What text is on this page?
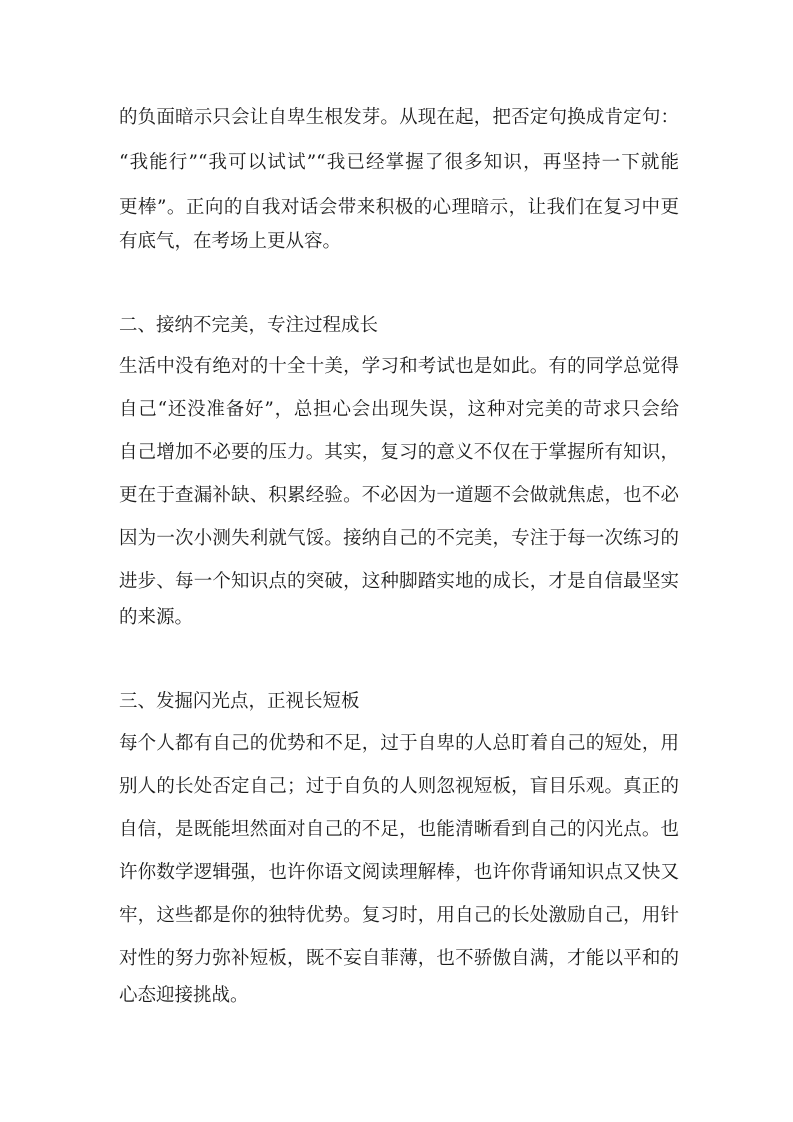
的负面暗示只会让自卑生根发芽。从现在起，把否定句换成肯定句：
“我能行”“我可以试试”“我已经掌握了很多知识，再坚持一下就能
更棒”。正向的自我对话会带来积极的心理暗示，让我们在复习中更
有底气，在考场上更从容。
二、接纳不完美，专注过程成长
生活中没有绝对的十全十美，学习和考试也是如此。有的同学总觉得
自己“还没准备好”，总担心会出现失误，这种对完美的苛求只会给
自己增加不必要的压力。其实，复习的意义不仅在于掌握所有知识，
更在于查漏补缺、积累经验。不必因为一道题不会做就焦虑，也不必
因为一次小测失利就气馁。接纳自己的不完美，专注于每一次练习的
进步、每一个知识点的突破，这种脚踏实地的成长，才是自信最坚实
的来源。
三、发掘闪光点，正视长短板
每个人都有自己的优势和不足，过于自卑的人总盯着自己的短处，用
别人的长处否定自己；过于自负的人则忽视短板，盲目乐观。真正的
自信，是既能坦然面对自己的不足，也能清晰看到自己的闪光点。也
许你数学逻辑强，也许你语文阅读理解棒，也许你背诵知识点又快又
牢，这些都是你的独特优势。复习时，用自己的长处激励自己，用针
对性的努力弥补短板，既不妄自菲薄，也不骄傲自满，才能以平和的
心态迎接挑战。
